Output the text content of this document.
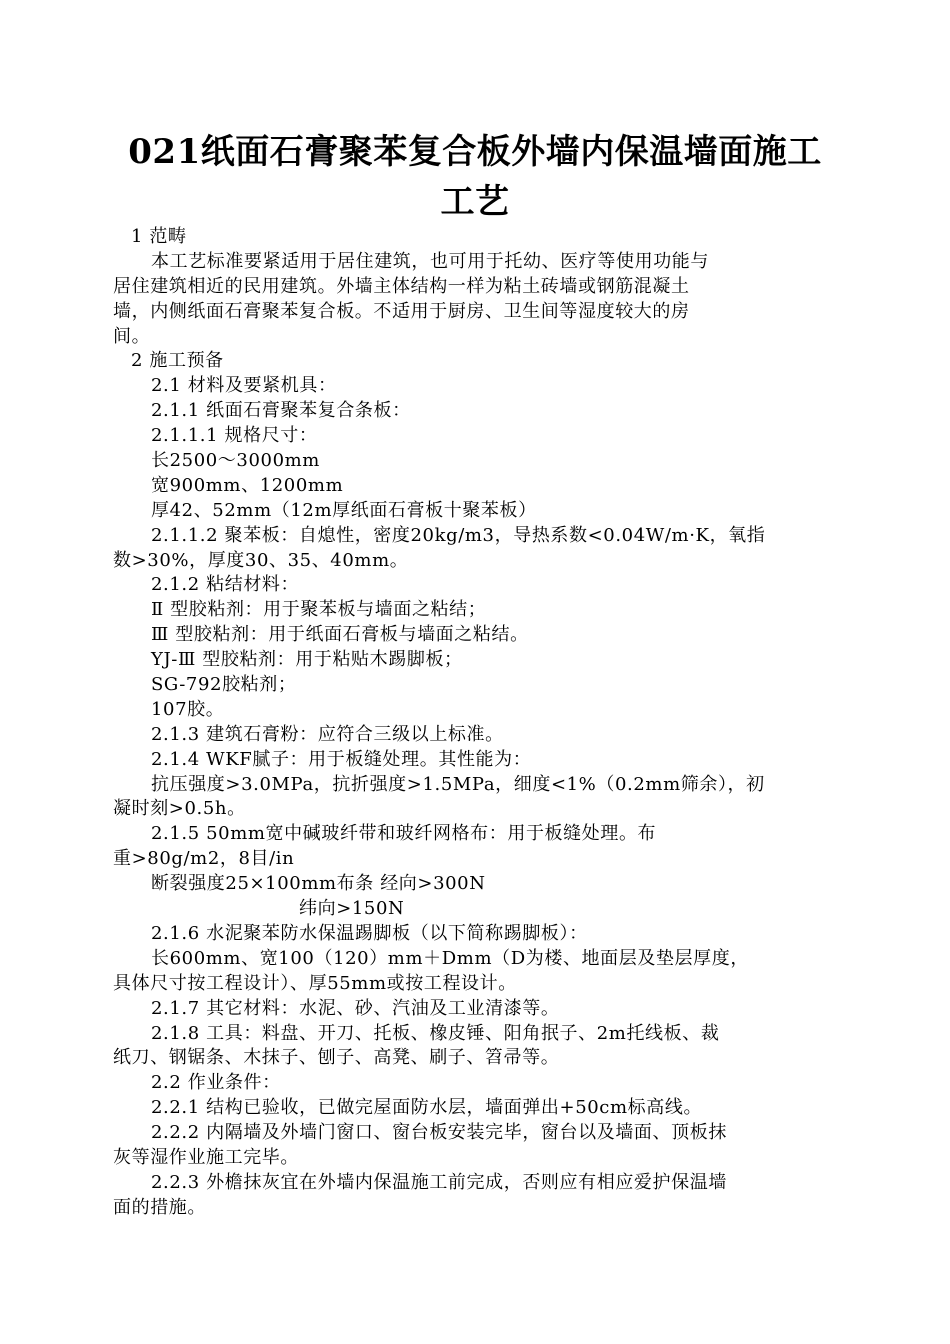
021纸面石膏聚苯复合板外墙内保温墙面施工
工艺
1 范畴
本工艺标准要紧适用于居住建筑，也可用于托幼、医疗等使用功能与
居住建筑相近的民用建筑。外墙主体结构一样为粘土砖墙或钢筋混凝土
墙，内侧纸面石膏聚苯复合板。不适用于厨房、卫生间等湿度较大的房
间。
2 施工预备
2.1 材料及要紧机具：
2.1.1 纸面石膏聚苯复合条板：
2.1.1.1 规格尺寸：
长2500～3000mm
宽900mm、1200mm
厚42、52mm（12m厚纸面石膏板十聚苯板）
2.1.1.2 聚苯板：自熄性，密度20kg/m3，导热系数<0.04W/m·K，氧指
数>30%，厚度30、35、40mm。
2.1.2 粘结材料：
Ⅱ 型胶粘剂：用于聚苯板与墙面之粘结；
Ⅲ 型胶粘剂：用于纸面石膏板与墙面之粘结。
YJ-Ⅲ 型胶粘剂：用于粘贴木踢脚板；
SG-792胶粘剂；
107胶。
2.1.3 建筑石膏粉：应符合三级以上标准。
2.1.4 WKF腻子：用于板缝处理。其性能为：
抗压强度>3.0MPa，抗折强度>1.5MPa，细度<1%（0.2mm筛余），初
凝时刻>0.5h。
2.1.5 50mm宽中碱玻纤带和玻纤网格布：用于板缝处理。布
重>80g/m2，8目/in
断裂强度25×100mm布条 经向>300N
纬向>150N
2.1.6 水泥聚苯防水保温踢脚板（以下简称踢脚板）：
长600mm、宽100（120）mm＋Dmm（D为楼、地面层及垫层厚度，
具体尺寸按工程设计）、厚55mm或按工程设计。
2.1.7 其它材料：水泥、砂、汽油及工业清漆等。
2.1.8 工具：料盘、开刀、托板、橡皮锤、阳角抿子、2m托线板、裁
纸刀、钢锯条、木抹子、刨子、高凳、刷子、笤帚等。
2.2 作业条件：
2.2.1 结构已验收，已做完屋面防水层，墙面弹出+50cm标高线。
2.2.2 内隔墙及外墙门窗口、窗台板安装完毕，窗台以及墙面、顶板抹
灰等湿作业施工完毕。
2.2.3 外檐抹灰宜在外墙内保温施工前完成，否则应有相应爱护保温墙
面的措施。
